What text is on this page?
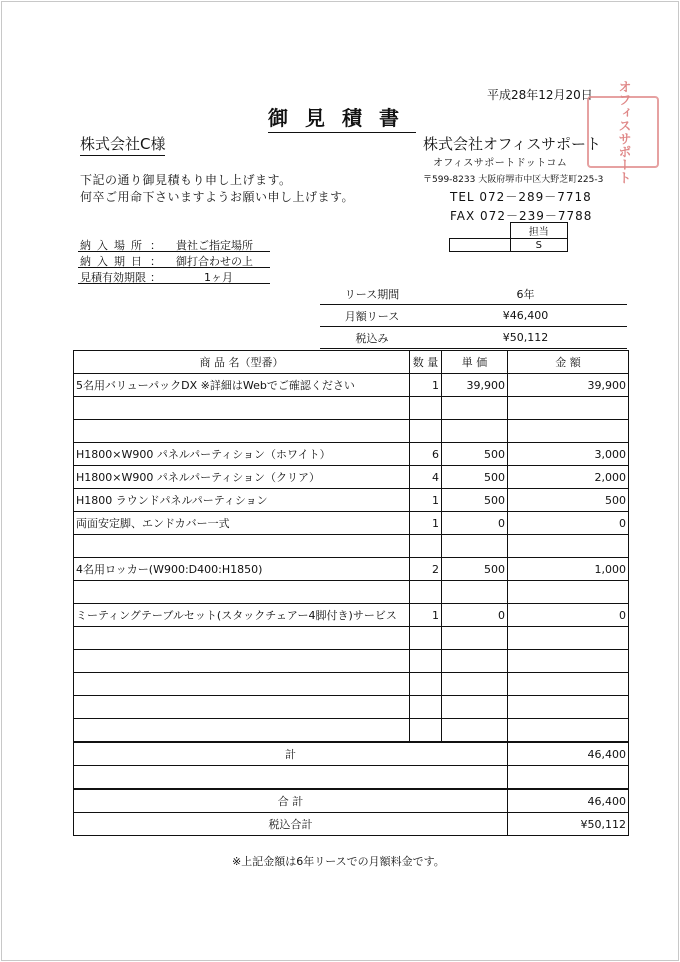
平成28年12月20日
御見積書
株式会社C様
下記の通り御見積もり申し上げます。
何卒ご用命下さいますようお願い申し上げます。
株式会社オフィスサポート
オフィスサポートドットコム
〒599-8233 大阪府堺市中区大野芝町225-3
TEL 072－289－7718
FAX 072－239－7788
オフィスサポート
	担当
	S
納入場所 ： 貴社ご指定場所
納入期日 ： 御打合わせの上
見積有効期限 ：	1ヶ月
リース期間	6年
月額リース	¥46,400
税込み	¥50,112
商 品 名（型番）	数 量	単 価	金 額
5名用バリューパックDX ※詳細はWebでご確認ください	1	39,900	39,900

H1800×W900 パネルパーティション（ホワイト）	6	500	3,000
H1800×W900 パネルパーティション（クリア）	4	500	2,000
H1800 ラウンドパネルパーティション	1	500	500
両面安定脚、エンドカバー一式	1	0	0

4名用ロッカー(W900:D400:H1850)	2	500	1,000

ミーティングテーブルセット(スタックチェアー4脚付き)サービス	1	0	0

計			46,400

合 計			46,400
税込合計			¥50,112
※上記金額は6年リースでの月額料金です。
